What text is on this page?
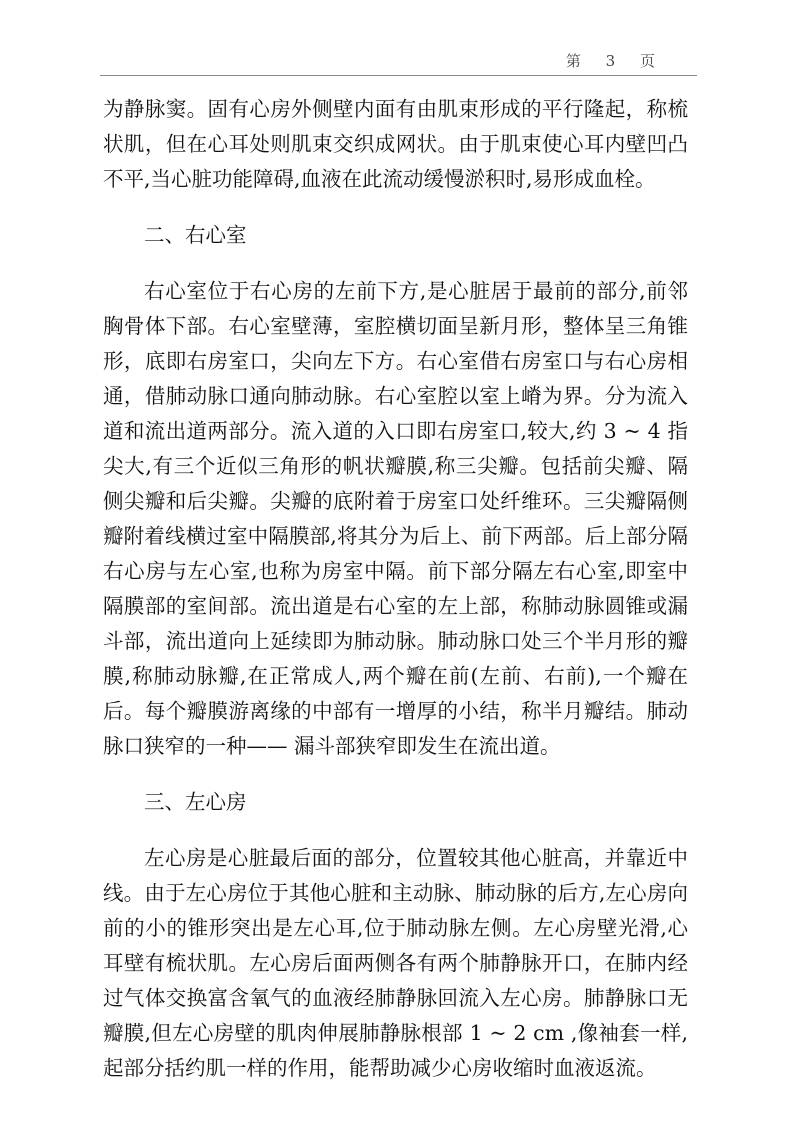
第 3 页

为静脉窦。固有心房外侧壁内面有由肌束形成的平行隆起，称梳状肌，但在心耳处则肌束交织成网状。由于肌束使心耳内壁凹凸不平,当心脏功能障碍,血液在此流动缓慢淤积时,易形成血栓。

二、右心室

右心室位于右心房的左前下方,是心脏居于最前的部分,前邻胸骨体下部。右心室壁薄，室腔横切面呈新月形，整体呈三角锥形，底即右房室口，尖向左下方。右心室借右房室口与右心房相通，借肺动脉口通向肺动脉。右心室腔以室上嵴为界。分为流入道和流出道两部分。流入道的入口即右房室口,较大,约 3 ~ 4 指尖大,有三个近似三角形的帆状瓣膜,称三尖瓣。包括前尖瓣、隔侧尖瓣和后尖瓣。尖瓣的底附着于房室口处纤维环。三尖瓣隔侧瓣附着线横过室中隔膜部,将其分为后上、前下两部。后上部分隔右心房与左心室,也称为房室中隔。前下部分隔左右心室,即室中隔膜部的室间部。流出道是右心室的左上部，称肺动脉圆锥或漏斗部，流出道向上延续即为肺动脉。肺动脉口处三个半月形的瓣膜,称肺动脉瓣,在正常成人,两个瓣在前(左前、右前),一个瓣在后。每个瓣膜游离缘的中部有一增厚的小结，称半月瓣结。肺动脉口狭窄的一种—— 漏斗部狭窄即发生在流出道。

三、左心房

左心房是心脏最后面的部分，位置较其他心脏高，并靠近中线。由于左心房位于其他心脏和主动脉、肺动脉的后方,左心房向前的小的锥形突出是左心耳,位于肺动脉左侧。左心房壁光滑,心耳壁有梳状肌。左心房后面两侧各有两个肺静脉开口，在肺内经过气体交换富含氧气的血液经肺静脉回流入左心房。肺静脉口无瓣膜,但左心房壁的肌肉伸展肺静脉根部 1 ~ 2 cm ,像袖套一样,起部分括约肌一样的作用，能帮助减少心房收缩时血液返流。
